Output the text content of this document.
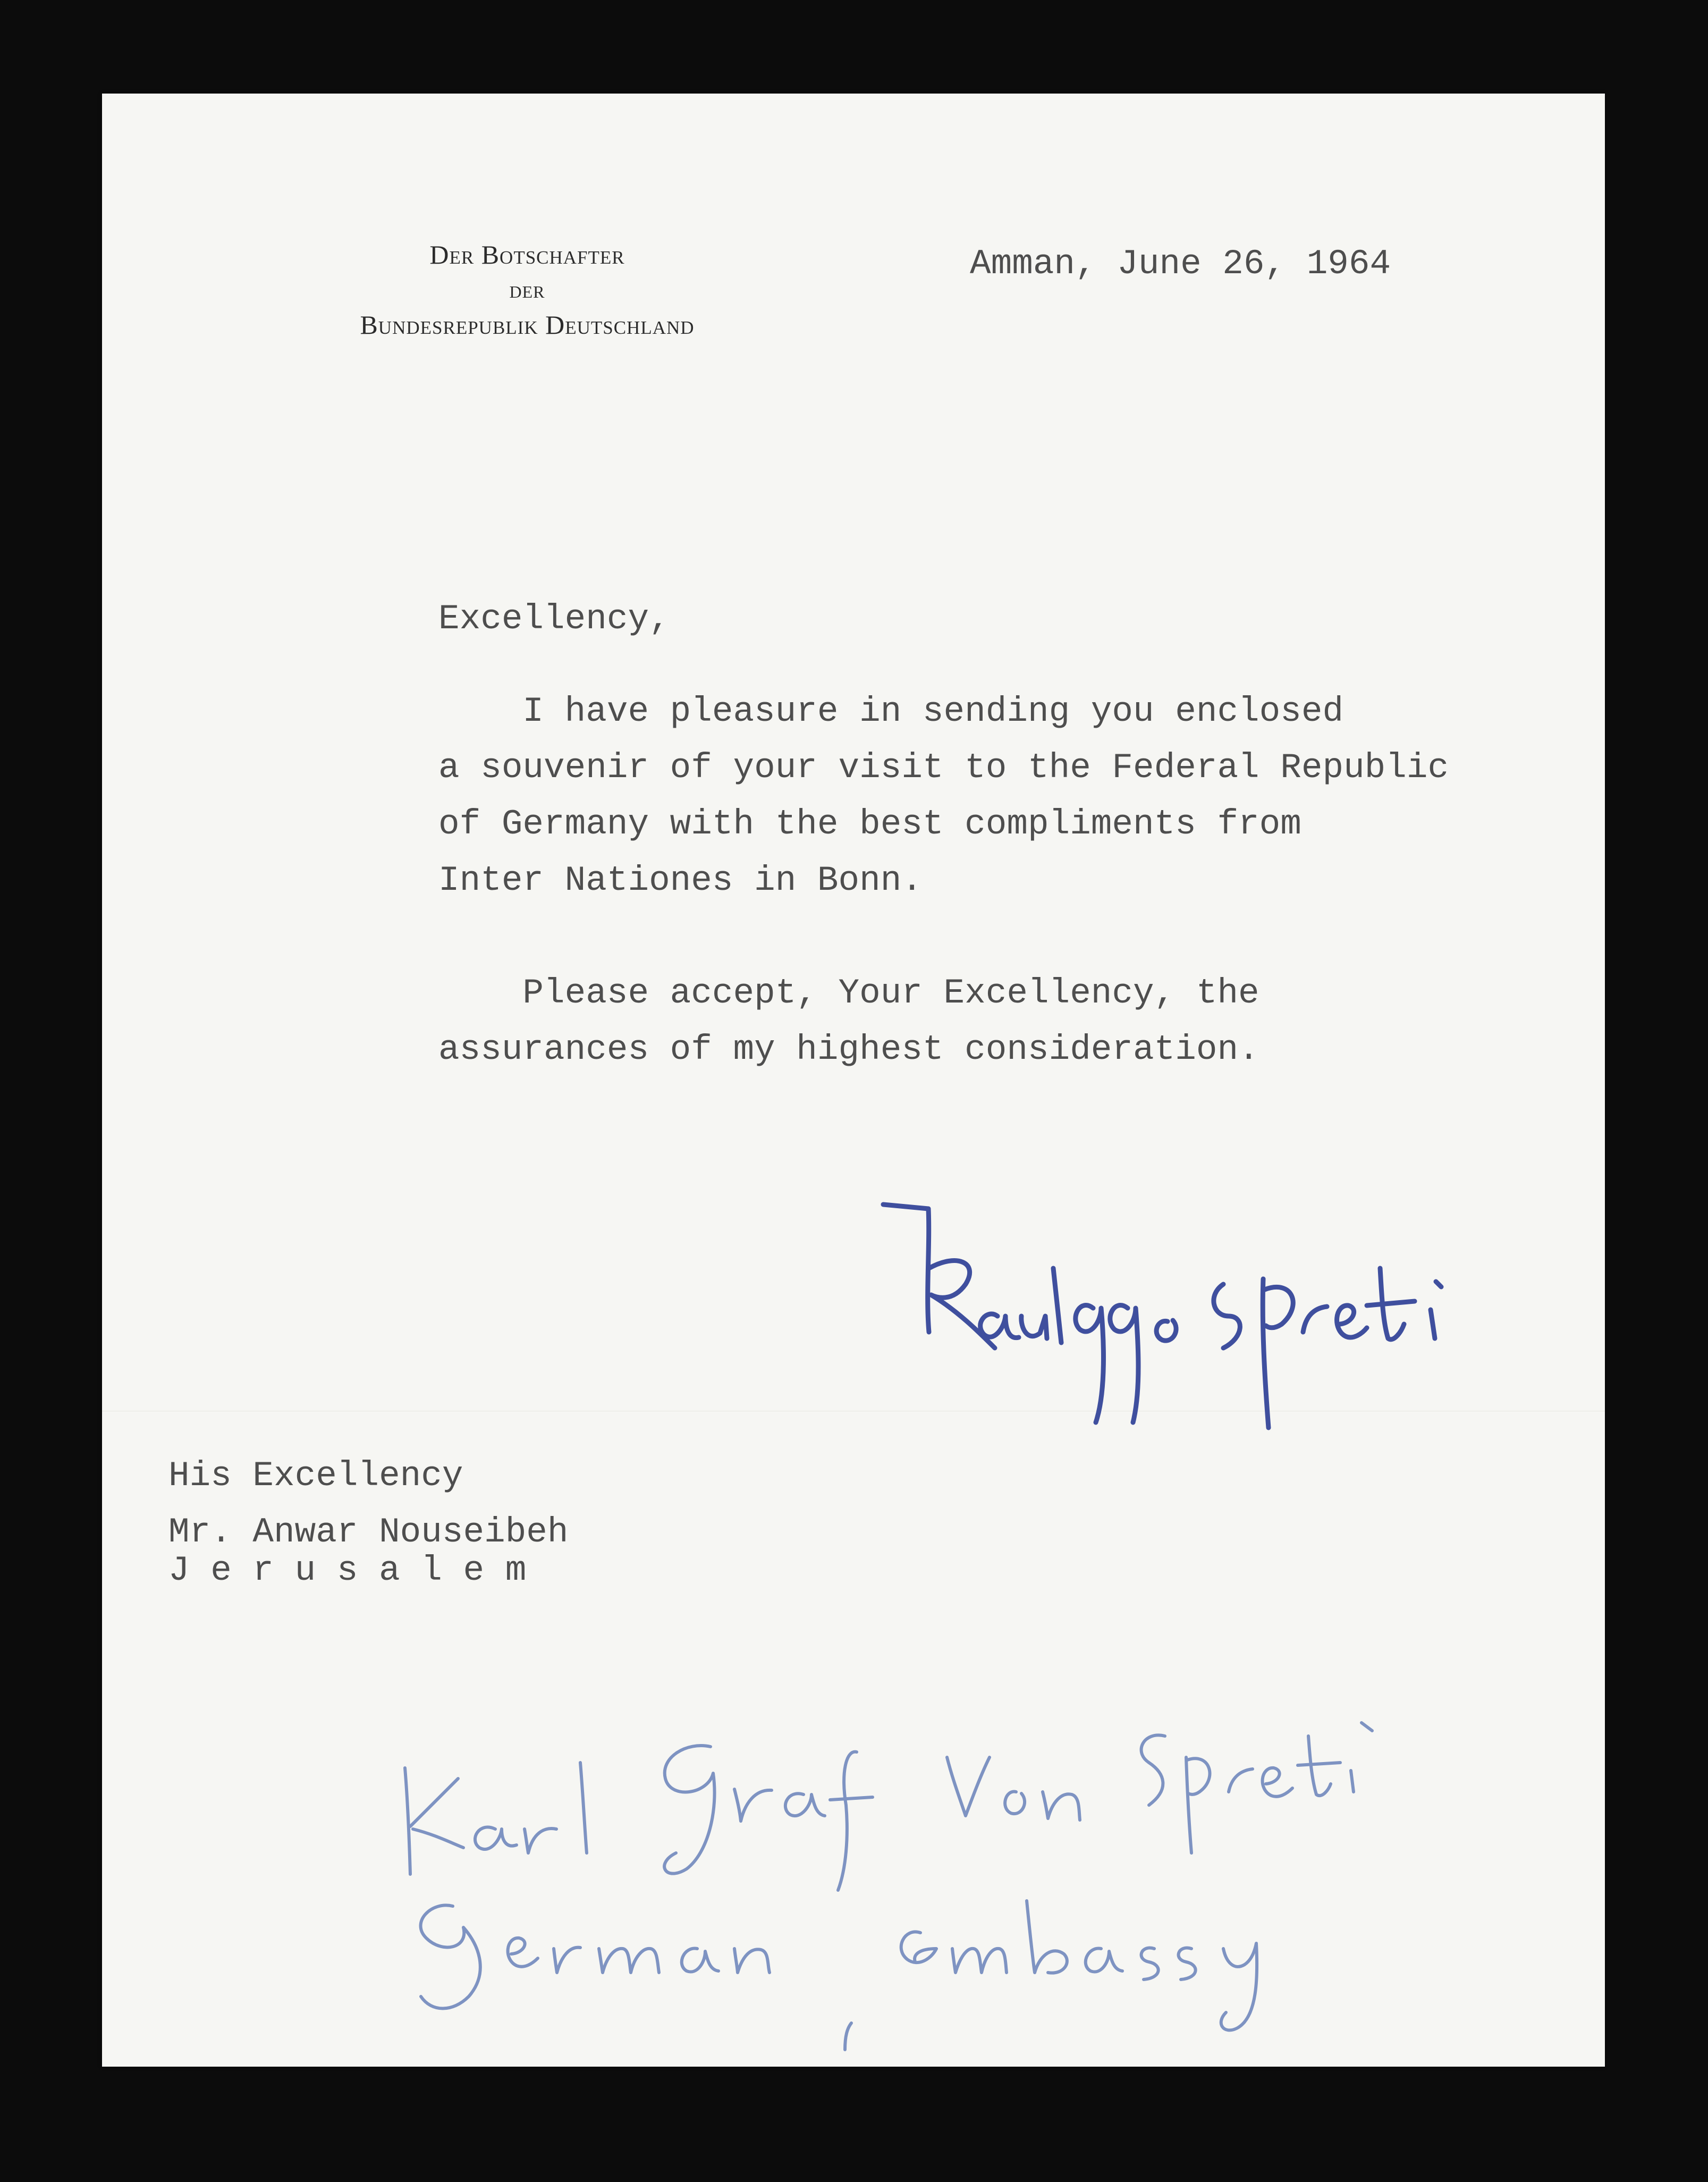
Der Botschafter
der
Bundesrepublik Deutschland
Amman, June 26, 1964
Excellency,
I have pleasure in sending you enclosed
a souvenir of your visit to the Federal Republic
of Germany with the best compliments from
Inter Nationes in Bonn.
Please accept, Your Excellency, the
assurances of my highest consideration.
His Excellency
Mr. Anwar Nouseibeh
J e r u s a l e m
